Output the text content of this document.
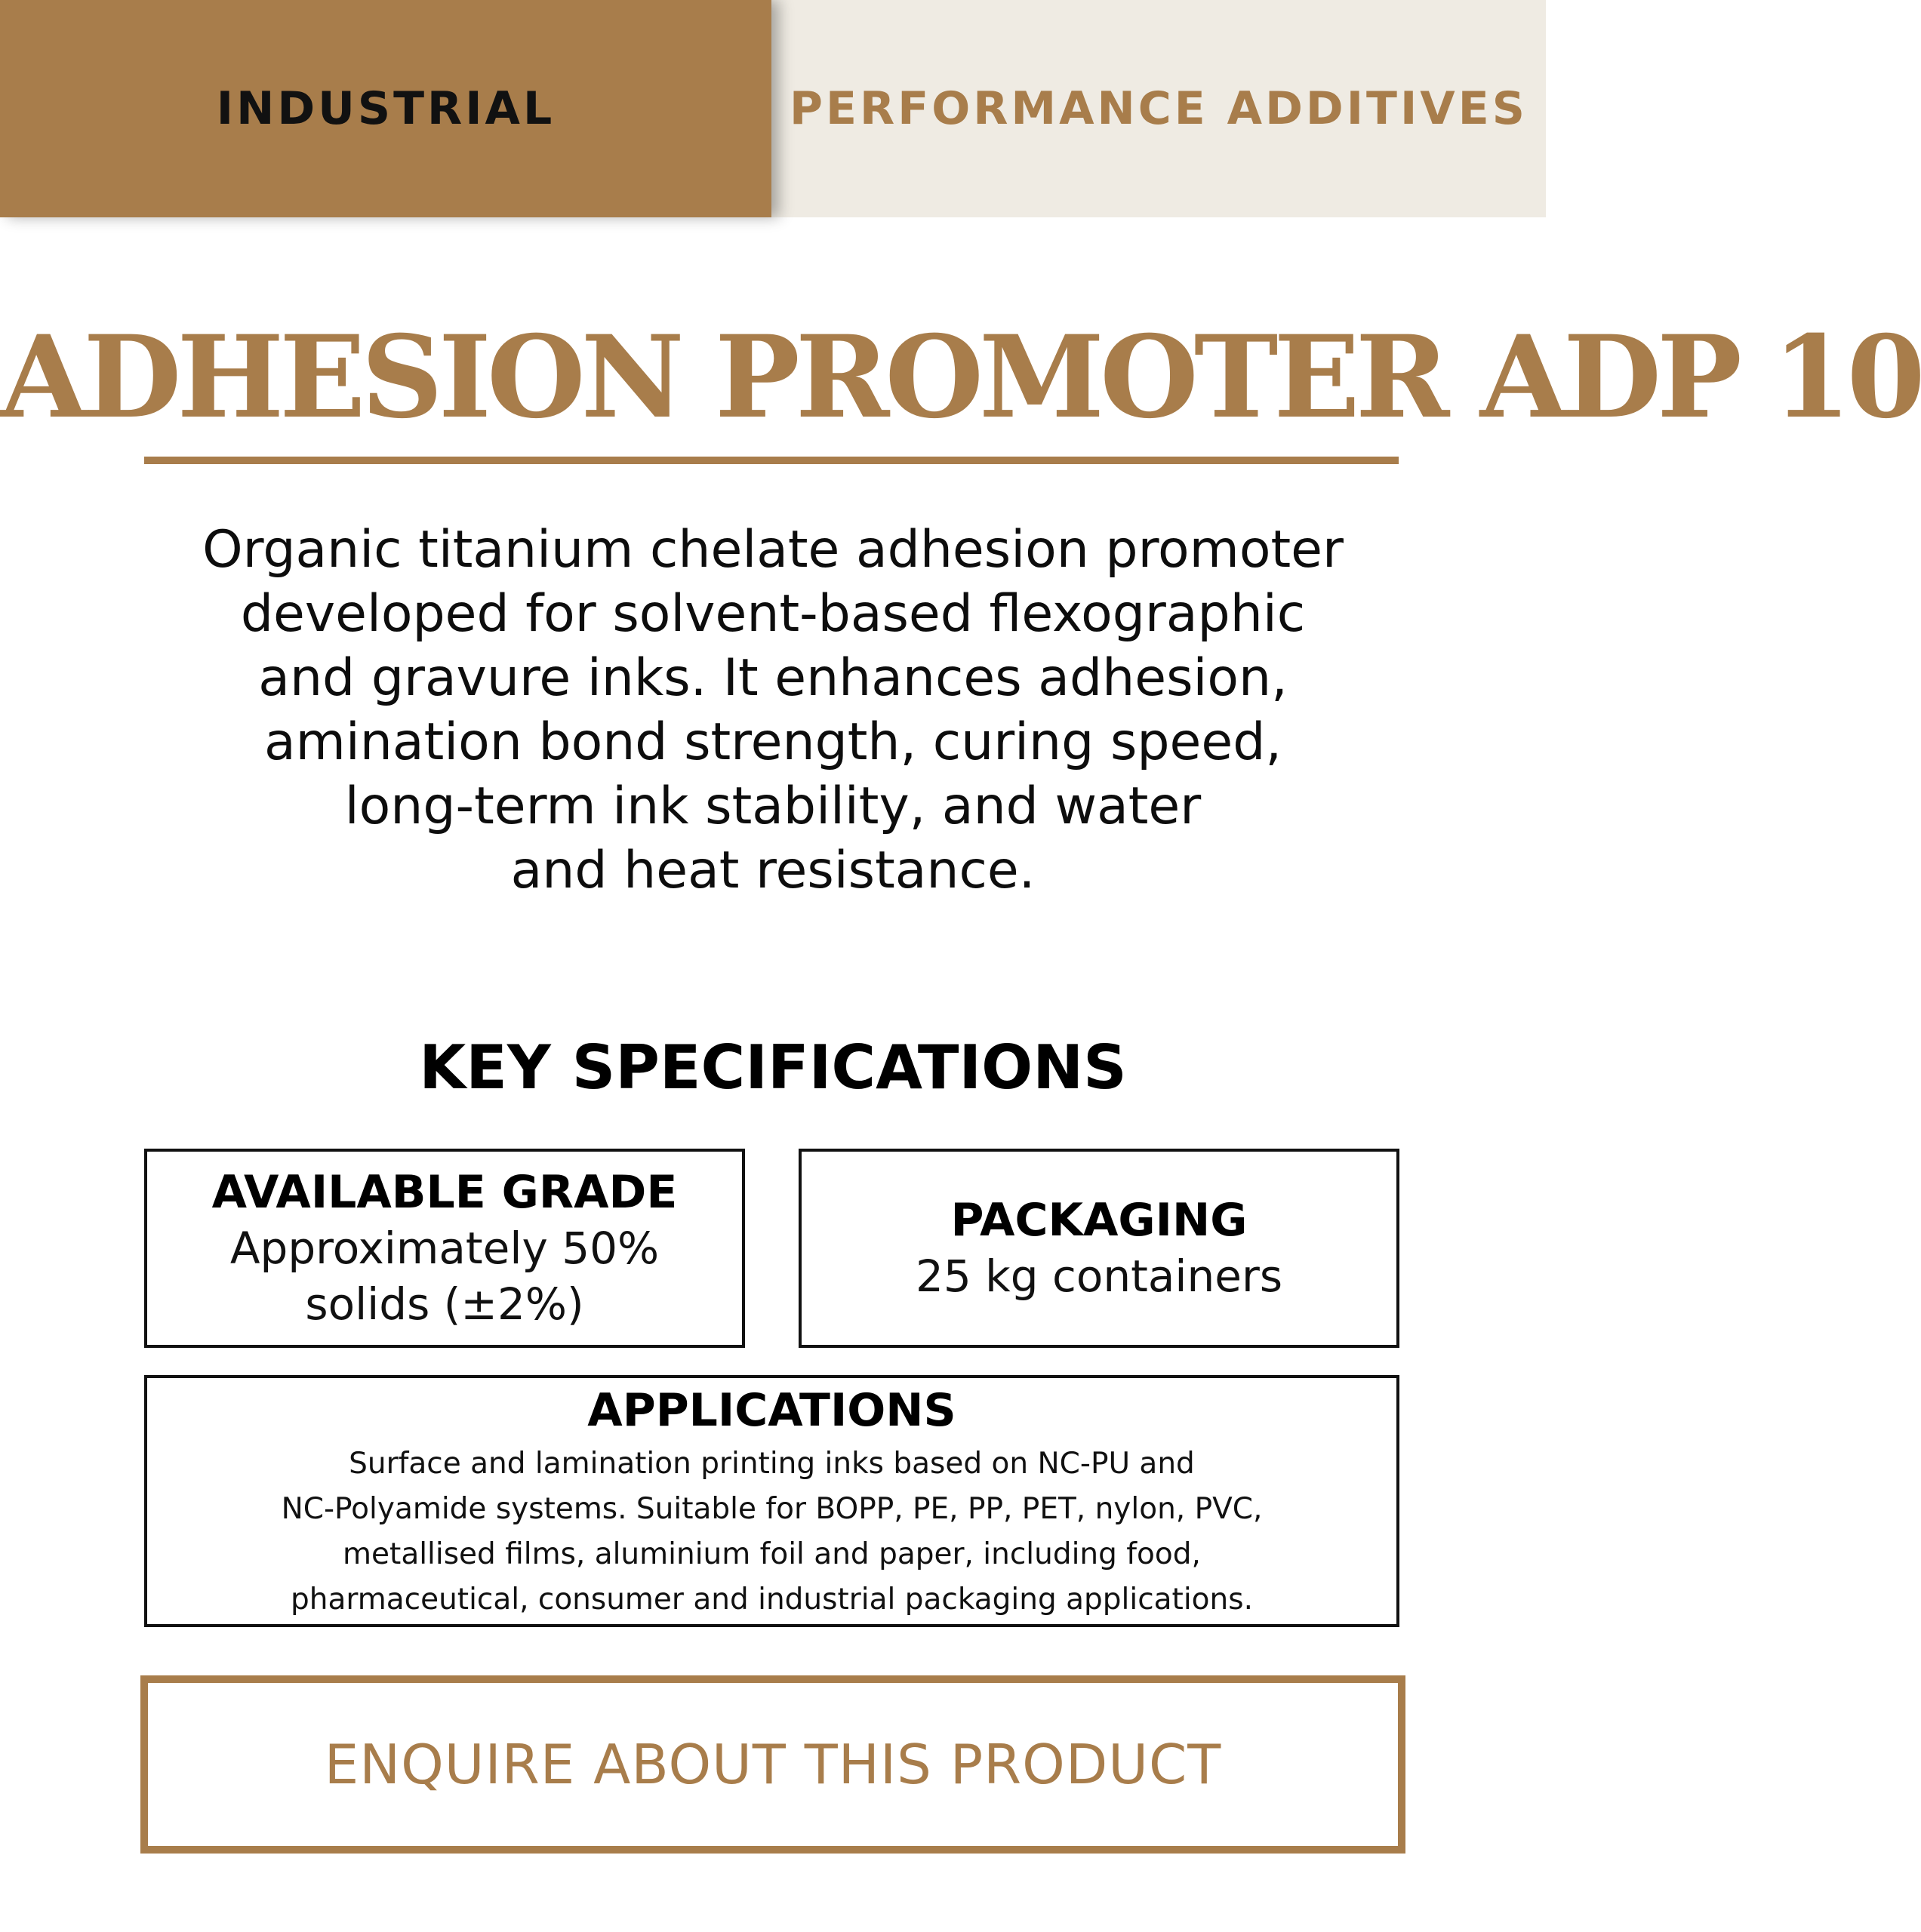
INDUSTRIAL	PERFORMANCE ADDITIVES
ADHESION PROMOTER ADP 10
Organic titanium chelate adhesion promoter
developed for solvent-based flexographic
and gravure inks. It enhances adhesion,
amination bond strength, curing speed,
long-term ink stability, and water
and heat resistance.
KEY SPECIFICATIONS
AVAILABLE GRADE
Approximately 50%
solids (±2%)
PACKAGING
25 kg containers
APPLICATIONS
Surface and lamination printing inks based on NC-PU and
NC-Polyamide systems. Suitable for BOPP, PE, PP, PET, nylon, PVC,
metallised films, aluminium foil and paper, including food,
pharmaceutical, consumer and industrial packaging applications.
ENQUIRE ABOUT THIS PRODUCT
